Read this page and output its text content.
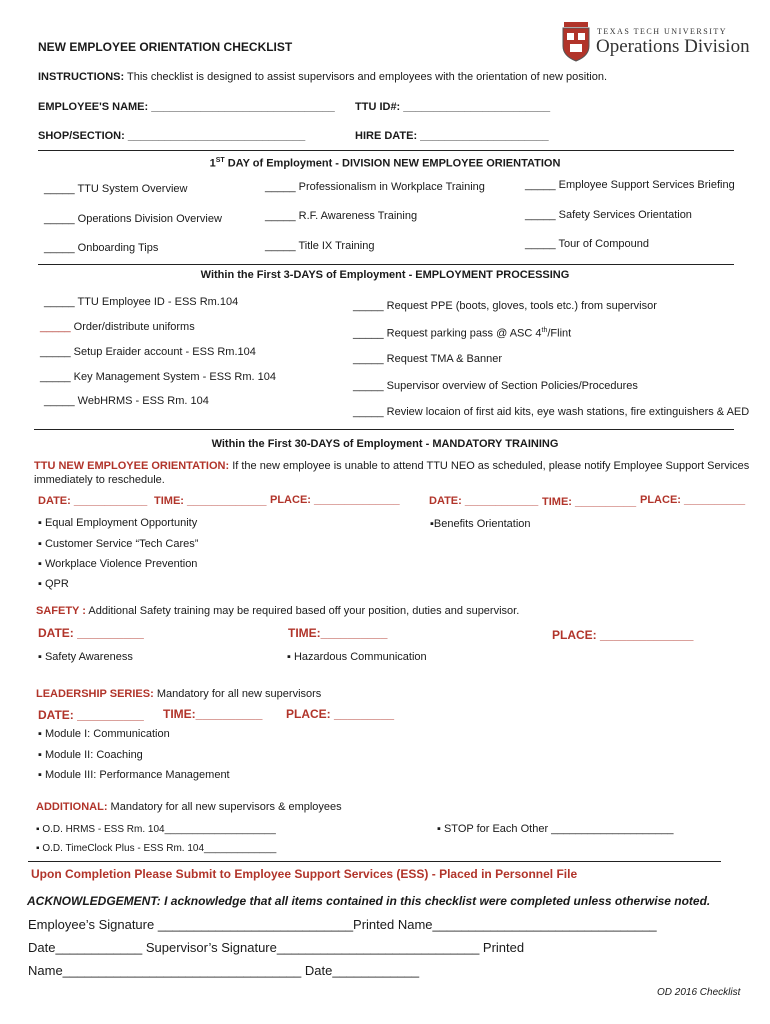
TEXAS TECH UNIVERSITY
Operations Division
NEW EMPLOYEE ORIENTATION CHECKLIST
INSTRUCTIONS: This checklist is designed to assist supervisors and employees with the orientation of new position.
EMPLOYEE'S NAME: ______________________________ TTU ID#: ________________________
SHOP/SECTION: _____________________________	HIRE DATE: _____________________
1ST DAY of Employment - DIVISION NEW EMPLOYEE ORIENTATION
_____ TTU System Overview	_____ Professionalism in Workplace Training	_____ Employee Support Services Briefing
_____ Operations Division Overview	_____ R.F. Awareness Training	_____ Safety Services Orientation
_____ Onboarding Tips	_____ Title IX Training	_____ Tour of Compound
Within the First 3-DAYS of Employment - EMPLOYMENT PROCESSING
_____ TTU Employee ID - ESS Rm.104
_____ Order/distribute uniforms
_____ Setup Eraider account - ESS Rm.104
_____ Key Management System - ESS Rm. 104
_____ WebHRMS - ESS Rm. 104
_____ Request PPE (boots, gloves, tools etc.) from supervisor
_____ Request parking pass @ ASC 4th/Flint
_____ Request TMA & Banner
_____ Supervisor overview of Section Policies/Procedures
_____ Review locaion of first aid kits, eye wash stations, fire extinguishers & AED
Within the First 30-DAYS of Employment - MANDATORY TRAINING
TTU NEW EMPLOYEE ORIENTATION: If the new employee is unable to attend TTU NEO as scheduled, please notify Employee Support Services
immediately to reschedule.
DATE: ____________ TIME: _____________ PLACE: ______________	DATE: ____________ TIME: __________ PLACE: __________
▪ Equal Employment Opportunity
▪ Customer Service “Tech Cares”
▪ Workplace Violence Prevention
▪ QPR
▪Benefits Orientation
SAFETY : Additional Safety training may be required based off your position, duties and supervisor.
DATE: __________	TIME:__________	PLACE: ______________
▪ Safety Awareness	▪ Hazardous Communication
LEADERSHIP SERIES: Mandatory for all new supervisors
DATE: __________ TIME:__________ PLACE: _________
▪ Module I: Communication
▪ Module II: Coaching
▪ Module III: Performance Management
ADDITIONAL: Mandatory for all new supervisors & employees
▪ O.D. HRMS - ESS Rm. 104____________________	▪ STOP for Each Other ____________________
▪ O.D. TimeClock Plus - ESS Rm. 104_____________
Upon Completion Please Submit to Employee Support Services (ESS) - Placed in Personnel File
ACKNOWLEDGEMENT: I acknowledge that all items contained in this checklist were completed unless otherwise noted.
Employee’s Signature ___________________________Printed Name_______________________________
Date____________ Supervisor’s Signature____________________________ Printed
Name_________________________________ Date____________
OD 2016 Checklist
